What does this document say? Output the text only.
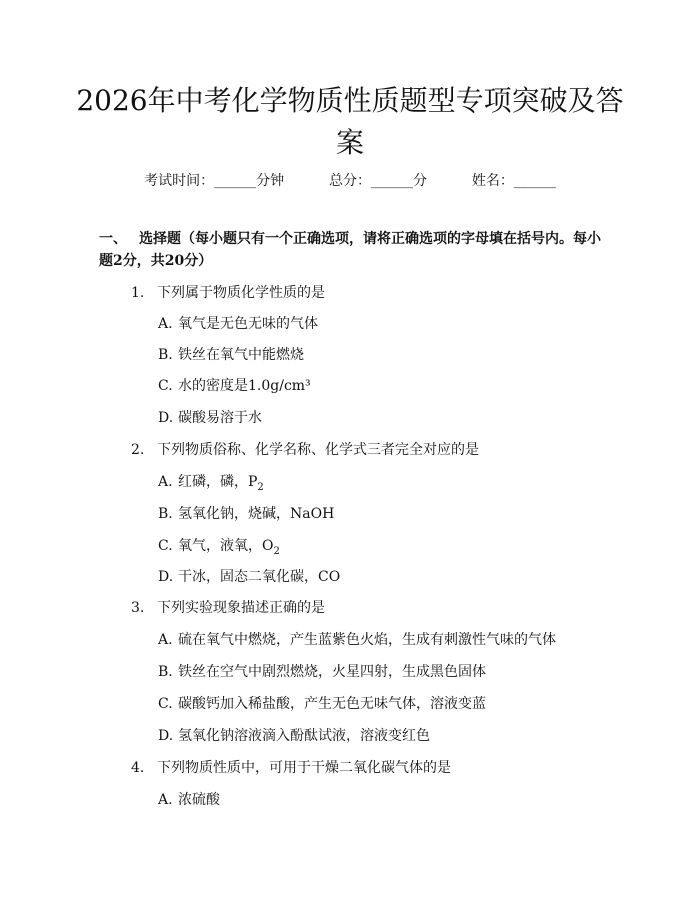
2026年中考化学物质性质题型专项突破及答案
考试时间：______分钟	总分：______分	姓名：______
一、 选择题（每小题只有一个正确选项，请将正确选项的字母填在括号内。每小题2分，共20分）
1. 下列属于物质化学性质的是
A. 氧气是无色无味的气体
B. 铁丝在氧气中能燃烧
C. 水的密度是1.0g/cm³
D. 碳酸易溶于水
2. 下列物质俗称、化学名称、化学式三者完全对应的是
A. 红磷，磷，$P_2$
B. 氢氧化钠，烧碱，NaOH
C. 氧气，液氧，$O_2$
D. 干冰，固态二氧化碳，CO
3. 下列实验现象描述正确的是
A. 硫在氧气中燃烧，产生蓝紫色火焰，生成有刺激性气味的气体
B. 铁丝在空气中剧烈燃烧，火星四射，生成黑色固体
C. 碳酸钙加入稀盐酸，产生无色无味气体，溶液变蓝
D. 氢氧化钠溶液滴入酚酞试液，溶液变红色
4. 下列物质性质中，可用于干燥二氧化碳气体的是
A. 浓硫酸
